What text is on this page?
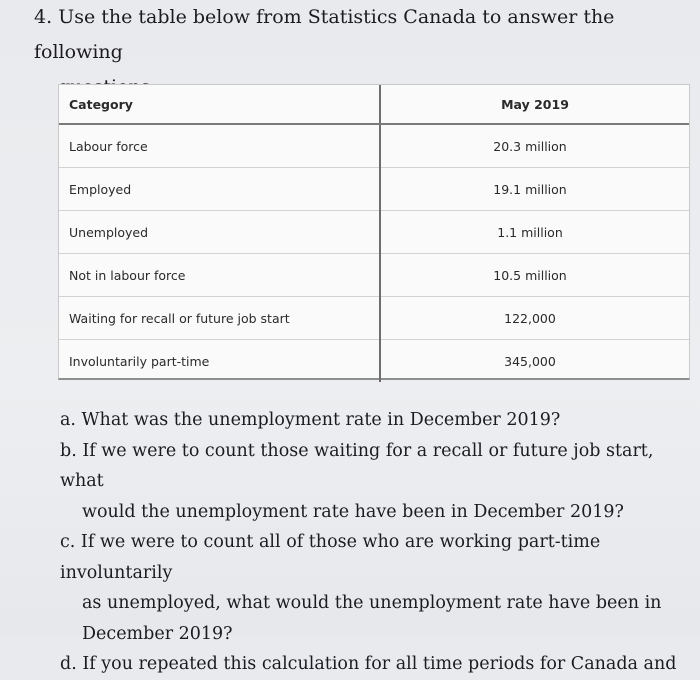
4. Use the table below from Statistics Canada to answer the following
Category	May 2019
Labour force	20.3 million
Employed	19.1 million
Unemployed	1.1 million
Not in labour force	10.5 million
Waiting for recall or future job start	122,000
Involuntarily part-time	345,000
a. What was the unemployment rate in December 2019?
b. If we were to count those waiting for a recall or future job start, what
would the unemployment rate have been in December 2019?
c. If we were to count all of those who are working part-time involuntarily
as unemployed, what would the unemployment rate have been in
December 2019?
d. If you repeated this calculation for all time periods for Canada and
